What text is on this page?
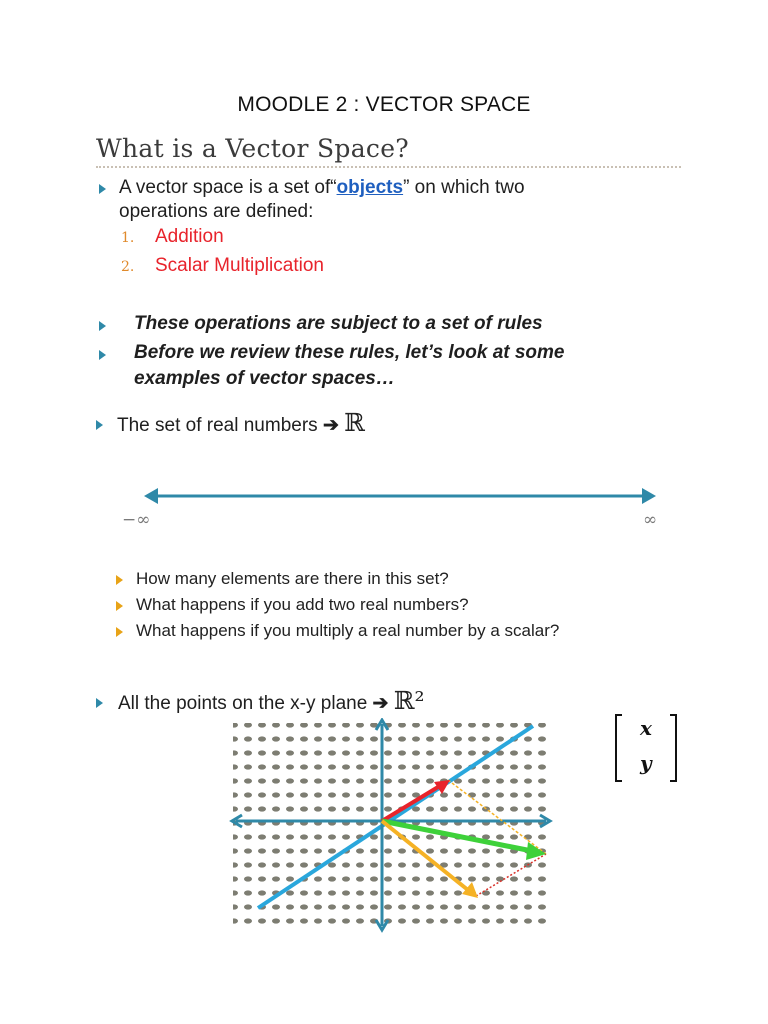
MOODLE 2 : VECTOR SPACE
What is a Vector Space?
A vector space is a set of“objects” on which two
operations are defined:
1. Addition
2. Scalar Multiplication
These operations are subject to a set of rules
Before we review these rules, let’s look at some
examples of vector spaces…
The set of real numbers ➔ ℝ
−∞	∞
How many elements are there in this set?
What happens if you add two real numbers?
What happens if you multiply a real number by a scalar?
All the points on the x-y plane ➔ ℝ²
x
y
